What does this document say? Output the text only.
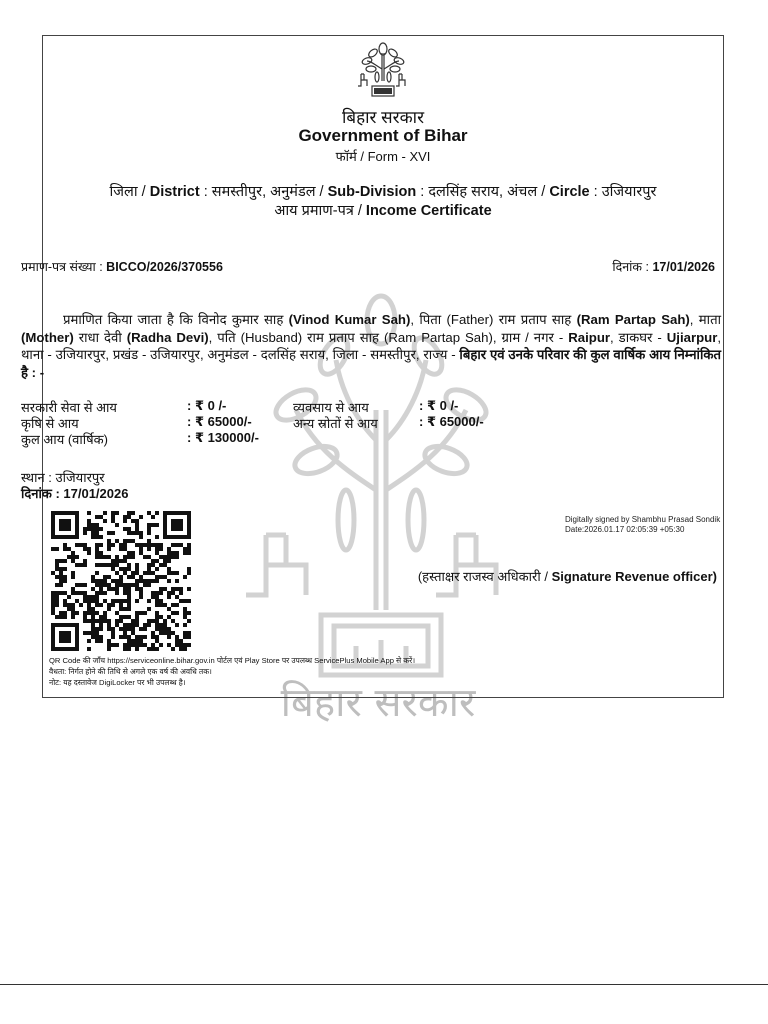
बिहार सरकार
बिहार सरकार
Government of Bihar
फॉर्म / Form - XVI
जिला / District : समस्तीपुर, अनुमंडल / Sub-Division : दलसिंह सराय, अंचल / Circle : उजियारपुर
आय प्रमाण-पत्र / Income Certificate
प्रमाण-पत्र संख्या : BICCO/2026/370556	दिनांक : 17/01/2026
प्रमाणित किया जाता है कि विनोद कुमार साह (Vinod Kumar Sah), पिता (Father) राम प्रताप साह (Ram Partap Sah), माता (Mother) राधा देवी (Radha Devi), पति (Husband) राम प्रताप साह (Ram Partap Sah), ग्राम / नगर - Raipur, डाकघर - Ujiarpur, थाना - उजियारपुर, प्रखंड - उजियारपुर, अनुमंडल - दलसिंह सराय, जिला - समस्तीपुर, राज्य - बिहार एवं उनके परिवार की कुल वार्षिक आय निम्नांकित है : -
सरकारी सेवा से आय	: ₹ 0 /-	व्यवसाय से आय	: ₹ 0 /-
कृषि से आय	: ₹ 65000/-	अन्य स्रोतों से आय	: ₹ 65000/-
कुल आय (वार्षिक)	: ₹ 130000/-
स्थान : उजियारपुर
दिनांक : 17/01/2026
Digitally signed by Shambhu Prasad Sondik
Date:2026.01.17 02:05:39 +05:30
(हस्ताक्षर राजस्व अधिकारी / Signature Revenue officer)
QR Code की जाँच https://serviceonline.bihar.gov.in पोर्टल एवं Play Store पर उपलब्ध ServicePlus Mobile App से करें।
वैधता: निर्गत होने की तिथि से अगले एक वर्ष की अवधि तक।
नोट: यह दस्तावेज DigiLocker पर भी उपलब्ध है।
